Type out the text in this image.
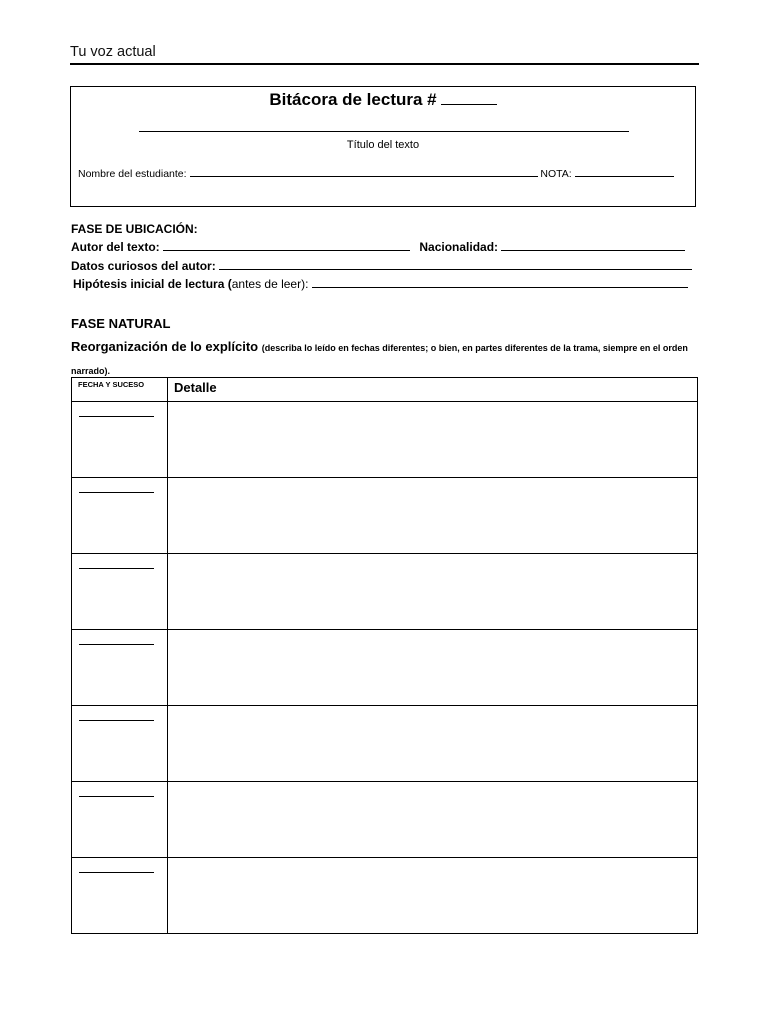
Tu voz actual
Bitácora de lectura #
Título del texto
Nombre del estudiante:	NOTA:
FASE DE UBICACIÓN:
Autor del texto:	Nacionalidad:
Datos curiosos del autor:
Hipótesis inicial de lectura (antes de leer):
FASE NATURAL
Reorganización de lo explícito (describa lo leído en fechas diferentes; o bien, en partes diferentes de la trama, siempre en el orden narrado).
FECHA Y SUCESO	Detalle
